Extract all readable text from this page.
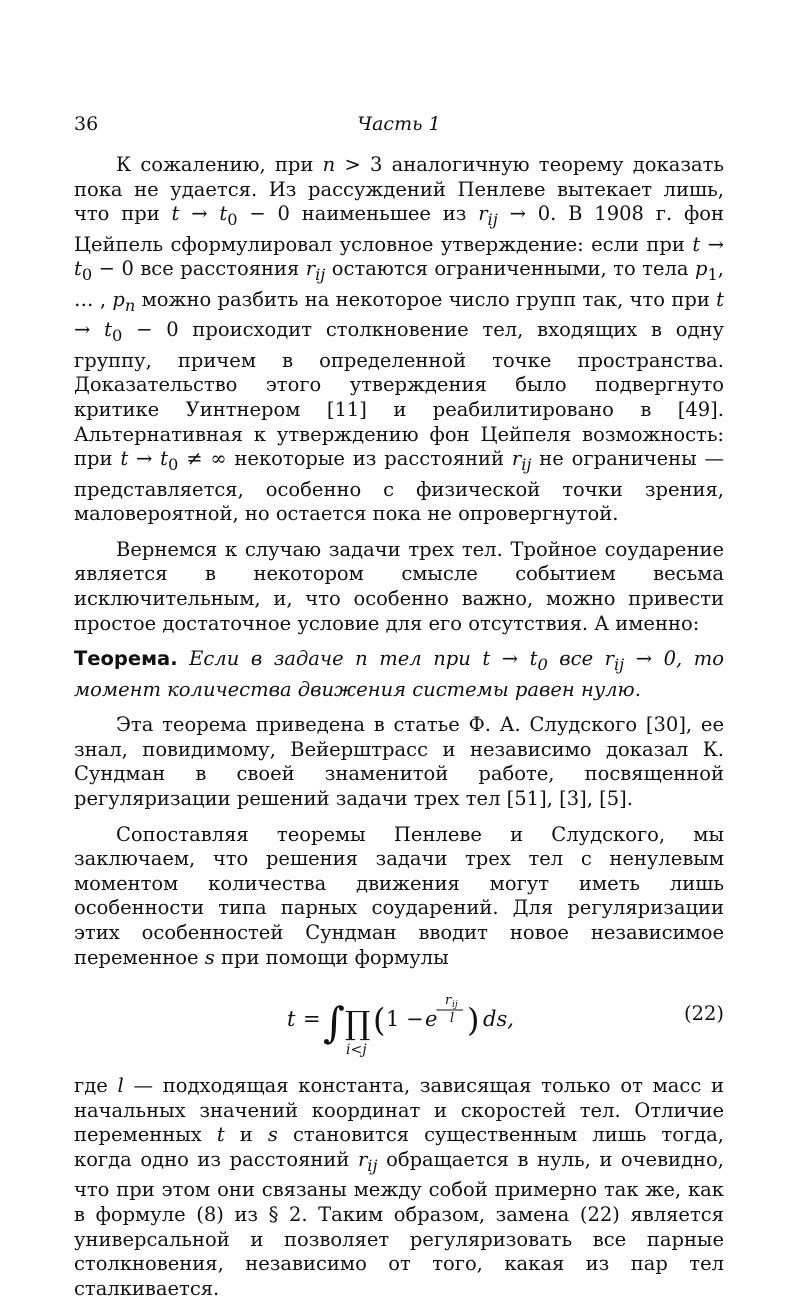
36	Часть 1

К сожалению, при n > 3 аналогичную теорему доказать пока не удается. Из рассуждений Пенлеве вытекает лишь, что при $t \to t_0 - 0$ наименьшее из $r_{ij} \to 0$. В 1908 г. фон Цейпель сформулировал условное утверждение: если при $t \to t_0 - 0$ все расстояния $r_{ij}$ остаются ограниченными, то тела $p_1$, … , $p_n$ можно разбить на некоторое число групп так, что при $t \to t_0 - 0$ происходит столкновение тел, входящих в одну группу, причем в определенной точке пространства. Доказательство этого утверждения было подвергнуто критике Уинтнером [11] и реабилитировано в [49]. Альтернативная к утверждению фон Цейпеля возможность: при $t \to t_0$ ≠ ∞ некоторые из расстояний $r_{ij}$ не ограничены — представляется, особенно с физической точки зрения, маловероятной, но остается пока не опровергнутой.

Вернемся к случаю задачи трех тел. Тройное соударение является в некотором смысле событием весьма исключительным, и, что особенно важно, можно привести простое достаточное условие для его отсутствия. А именно:

Теорема. Если в задаче n тел при $t \to t_0$ все $r_{ij} \to 0$, то момент количества движения системы равен нулю.

Эта теорема приведена в статье Ф. А. Слудского [30], ее знал, повидимому, Вейерштрасс и независимо доказал К. Сундман в своей знаменитой работе, посвященной регуляризации решений задачи трех тел [51], [3], [5].

Сопоставляя теоремы Пенлеве и Слудского, мы заключаем, что решения задачи трех тел с ненулевым моментом количества движения могут иметь лишь особенности типа парных соударений. Для регуляризации этих особенностей Сундман вводит новое независимое переменное s при помощи формулы

t = ∫ ∏
i<j
( 1 − e
−
r ij
l ) ds,	(22)

где l — подходящая константа, зависящая только от масс и начальных значений координат и скоростей тел. Отличие переменных t и s становится существенным лишь тогда, когда одно из расстояний $r_{ij}$ обращается в нуль, и очевидно, что при этом они связаны между собой примерно так же, как в формуле (8) из § 2. Таким образом, замена (22) является универсальной и позволяет регуляризовать все парные столкновения, независимо от того, какая из пар тел сталкивается.
